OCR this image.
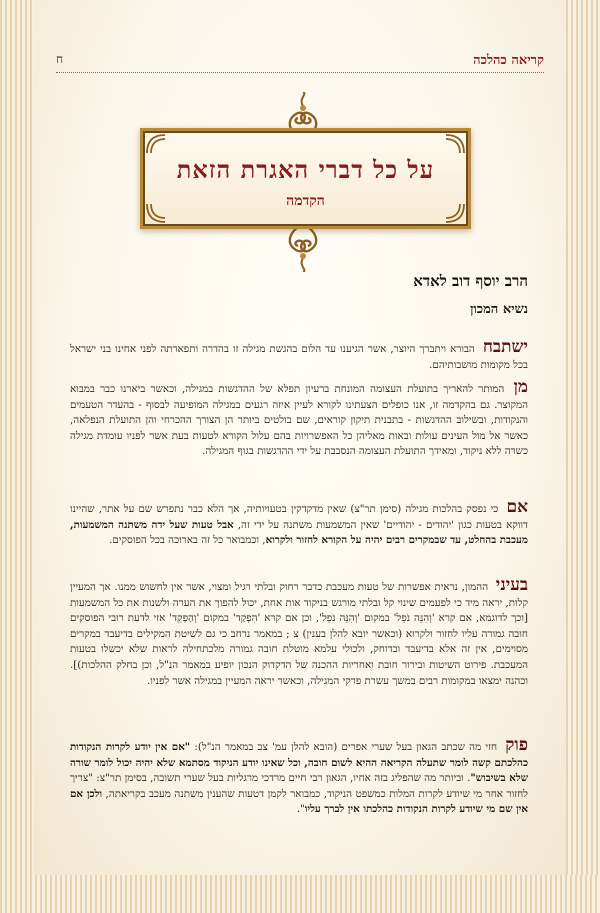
קריאה כהלכה
ח
על כל דברי האגרת הזאת
הקדמה
הרב יוסף דוב לאדא
נשיא המכון
ישתבח הבורא ויתברך היוצר, אשר הגיענו עד הלום בהגשת מגילה זו בהדרה ותפארתה לפני אחינו בני ישראל בכל מקומות מושבותיהם.
מן המותר להאריך בתועלת העצומה המונחת ברעיון תפלא של ההדגשות במגילה, וכאשר ביארנו כבר במבוא המקוצר. גם בהקדמה זו, אנו כופלים הצעתינו לקורא לעיין איזה רגעים במגילה המופיעה לבסוף - בהעדר הטעמים והנקודות, ובשילוב ההדגשות - בתבנית תיקון קוראים, שם בולטים ביותר הן הצורך ההכרחי והן התועלת הנפלאה, כאשר אל מול העינים עולות ובאות מאליהן כל האפשרויות בהם עלול הקורא לטעות בעת אשר לפניו עומדת מגילה כשרה ללא ניקוד, ומאידך התועלת העצומה הנסבבת על ידי ההדגשות בגוף המגילה.
אם כי נפסק בהלכות מגילה (סימן תר"צ) שאין מדקדקין בטעויותיה, אך הלא כבר נתפרש שם על אתר, שהיינו דווקא בטעות כגון 'יהודים - יהודיים' שאין המשמעות משתנה על ידי זה, אבל טעות שעל ידה משתנה המשמעות, מעכבת בהחלט, עד שבמקרים רבים יהיה על הקורא לחזור ולקרוא, וכמבואר כל זה בארוכה בכל הפוסקים.
בעיני ההמון, נראית אפשרות של טעות מעכבת כדבר רחוק ובלתי רגיל ומצוי, אשר אין לחשוש ממנו. אך המעיין קלות, יראה מיד כי לפעמים שינוי קל ובלתי מורגש בניקוד אות אחת, יכול להפוך את הערה ולשנות את כל המשמעות [וכך לדוגמא, אם קרא 'וְהִנֵּה נֹפֵל' במקום 'וְהִנֵּה נֹפֵל', וכן אם קרא 'הִפְקַד' במקום 'וְהַפְקֵד' אזי לדעת רובי הפוסקים חובה גמורה עליו לחזור ולקרוא (וכאשר יובא להלן בענין) צ ; במאמר נרחב כי גם לשיטת המקילים בדיעבד במקרים מסוימים, אין זה אלא בדיעבד ובדוחק, ולכולי עלמא מוטלת חובה גמורה מלכתחילה לראות שלא יכשלו בטעות המעכבת. פירוט השיטות ובירור חובת ואחריות ההכנה של הדקדוק הנכון יופיע במאמר הנ"ל, וכן בחלק ההלכות)]. וכהנה ימצאו במקומות רבים במשך עשרת פרקי המגילה, וכאשר יראה המעיין במגילה אשר לפניו.
פוק חזי מה שכתב הגאון בעל שערי אפרים (הובא להלן עמ' צב במאמר הנ"ל): "אם אין יודע לקרות הנקודות כהלכתם קשה לומר שתעלה הקריאה ההיא לשום חובה, וכל שאינו יודע הניקוד מסתמא שלא יהיה יכול לומר שורה שלא בשיבוש". וביותר מה שהפליג בזה אחיו, הגאון רבי חיים מרדכי מרגליות בעל שערי תשובה, בסימן תר"צ: "צריך לחזור אחר מי שיודע לקרות המלות כמשפט הניקוד, כמבואר לקמן דטעות שהענין משתנה מעכב בקריאתה, ולכן אם אין שם מי שיודע לקרות הנקודות כהלכתו אין לברך עליו".
